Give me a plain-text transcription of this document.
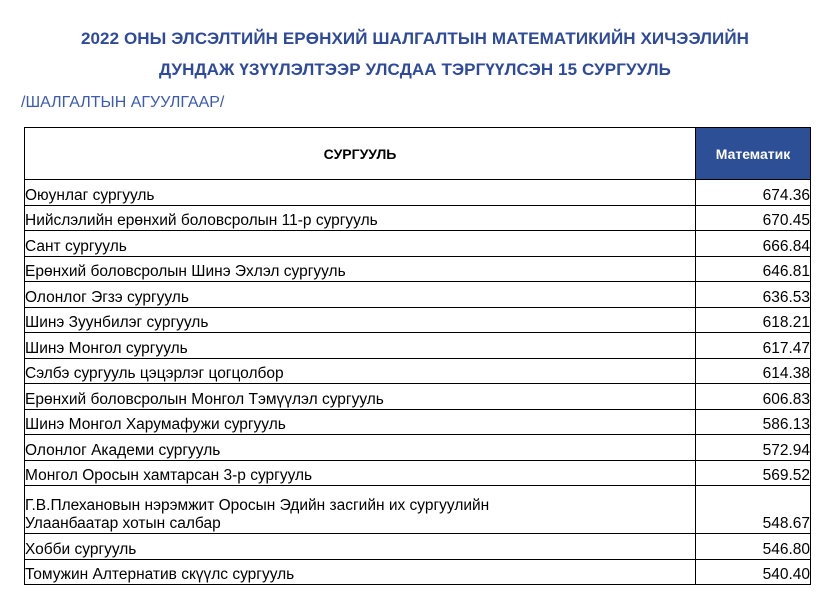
2022 ОНЫ ЭЛСЭЛТИЙН ЕРӨНХИЙ ШАЛГАЛТЫН МАТЕМАТИКИЙН ХИЧЭЭЛИЙН
ДУНДАЖ ҮЗҮҮЛЭЛТЭЭР УЛСДАА ТЭРГҮҮЛСЭН 15 СУРГУУЛЬ
/ШАЛГАЛТЫН АГУУЛГААР/
СУРГУУЛЬ	Математик
Оюунлаг сургууль	674.36
Нийслэлийн ерөнхий боловсролын 11-р сургууль	670.45
Сант сургууль	666.84
Ерөнхий боловсролын Шинэ Эхлэл сургууль	646.81
Олонлог Эгзэ сургууль	636.53
Шинэ Зуунбилэг сургууль	618.21
Шинэ Монгол сургууль	617.47
Сэлбэ сургууль цэцэрлэг цогцолбор	614.38
Ерөнхий боловсролын Монгол Тэмүүлэл сургууль	606.83
Шинэ Монгол Харумафужи сургууль	586.13
Олонлог Академи сургууль	572.94
Монгол Оросын хамтарсан 3-р сургууль	569.52

Г.В.Плехановын нэрэмжит Оросын Эдийн засгийн их сургуулийн
Улаанбаатар хотын салбар	548.67
Хобби сургууль	546.80
Томужин Алтернатив скүүлс сургууль	540.40
